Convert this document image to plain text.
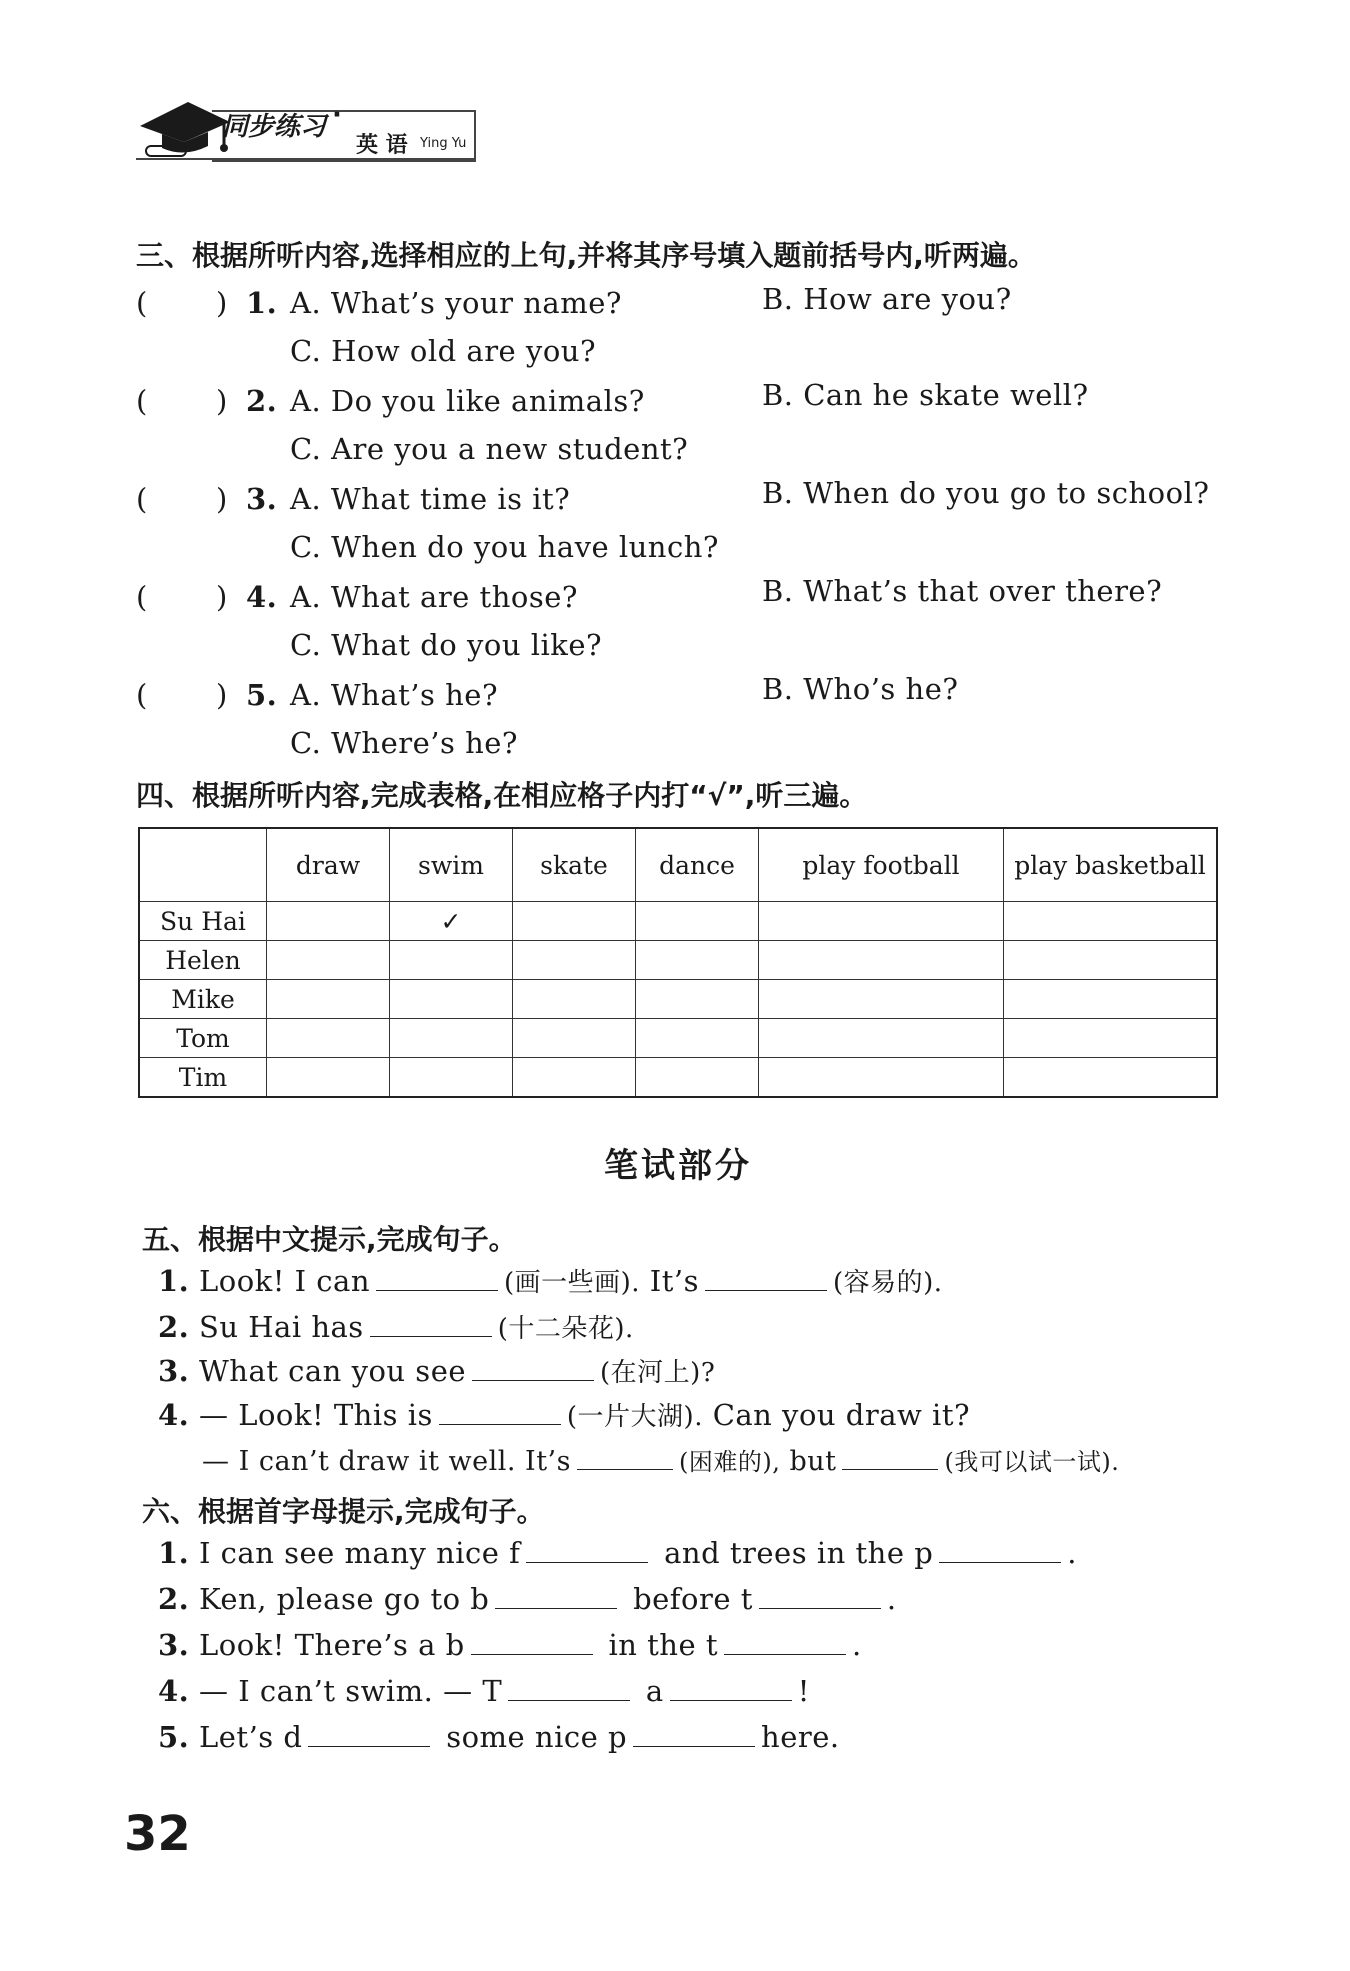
同步练习 ·
英 语 Ying Yu
三、根据所听内容,选择相应的上句,并将其序号填入题前括号内,听两遍。
( ) 1. A. What’s your name?	B. How are you?
C. How old are you?
( ) 2. A. Do you like animals?	B. Can he skate well?
C. Are you a new student?
( ) 3. A. What time is it?	B. When do you go to school?
C. When do you have lunch?
( ) 4. A. What are those?	B. What’s that over there?
C. What do you like?
( ) 5. A. What’s he?	B. Who’s he?
C. Where’s he?
四、根据所听内容,完成表格,在相应格子内打“√”,听三遍。
	draw	swim	skate	dance	play football	play basketball
Su Hai		✓				
Helen						
Mike						
Tom						
Tim						
笔试部分
五、根据中文提示,完成句子。
1. Look! I can	(画一些画). It’s	(容易的).
2. Su Hai has	(十二朵花).
3. What can you see	(在河上)?
4. — Look! This is	(一片大湖). Can you draw it?
— I can’t draw it well. It’s	(困难的), but	(我可以试一试).
六、根据首字母提示,完成句子。
1. I can see many nice f	and trees in the p	.
2. Ken, please go to b	before t	.
3. Look! There’s a b	in the t	.
4. — I can’t swim. — T	a	!
5. Let’s d	some nice p	here.
32
